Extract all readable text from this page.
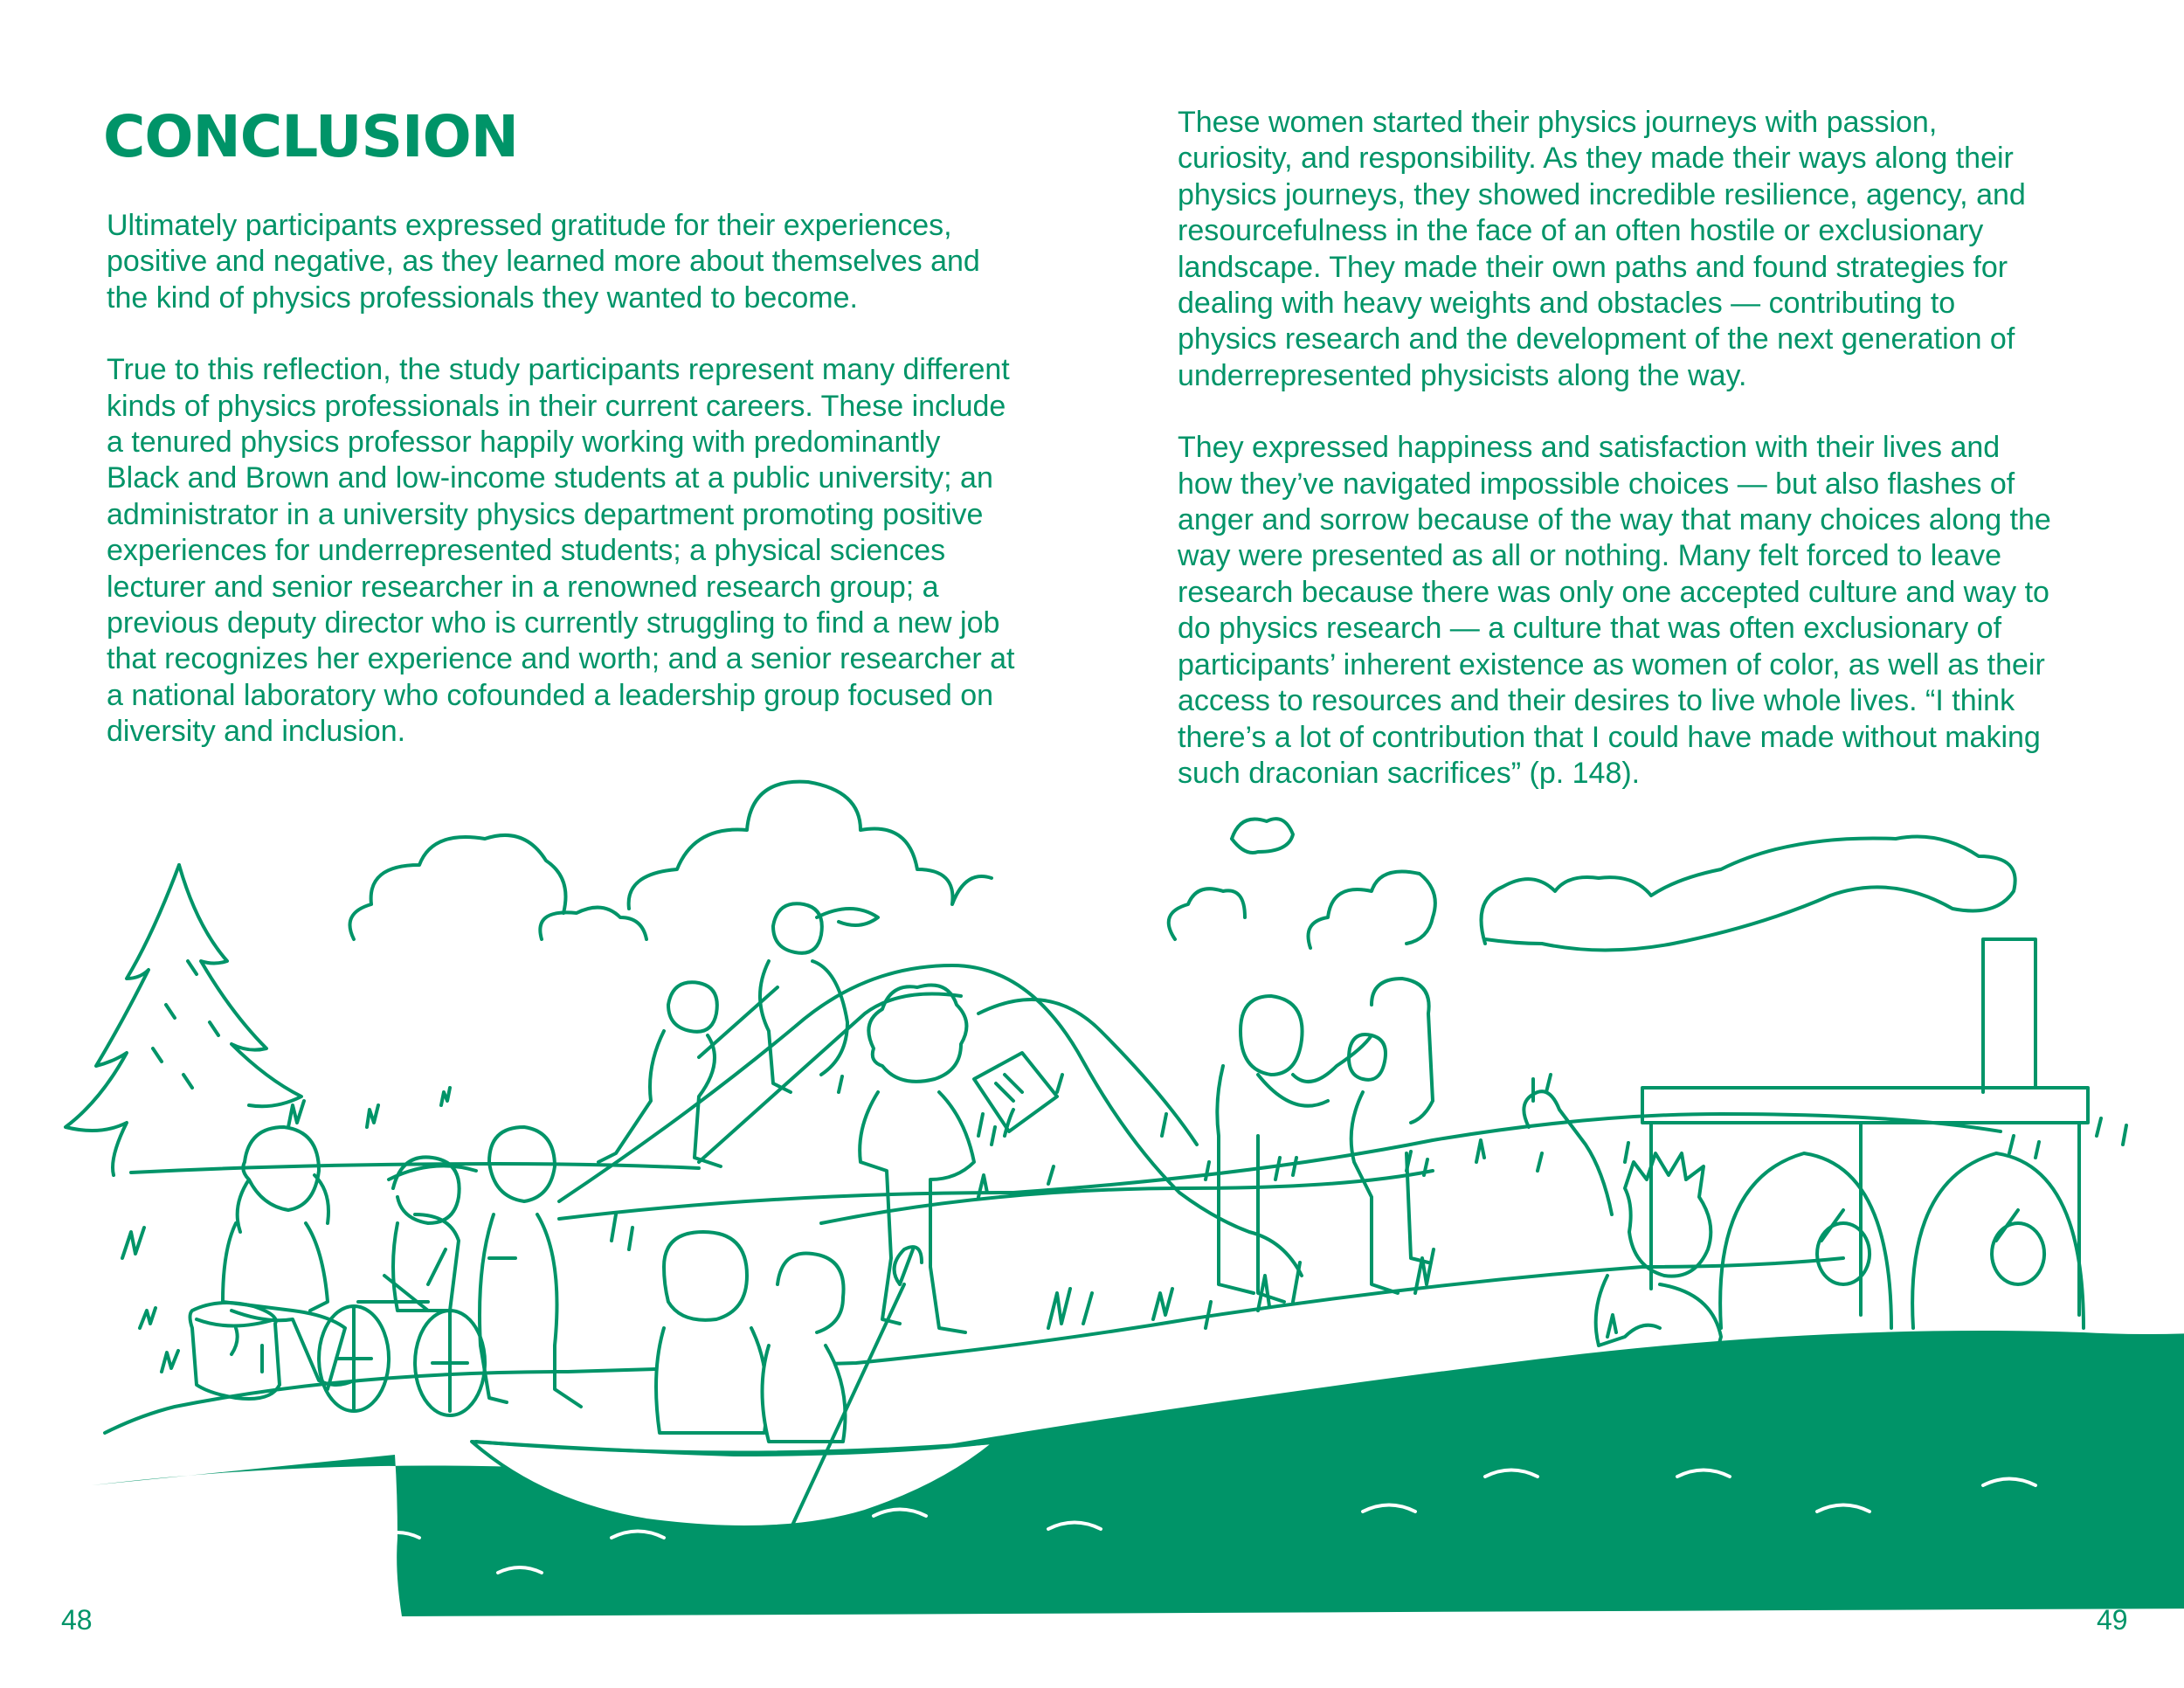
CONCLUSION

Ultimately participants expressed gratitude for their experiences,
positive and negative, as they learned more about themselves and
the kind of physics professionals they wanted to become.

True to this reflection, the study participants represent many different
kinds of physics professionals in their current careers. These include
a tenured physics professor happily working with predominantly
Black and Brown and low-income students at a public university; an
administrator in a university physics department promoting positive
experiences for underrepresented students; a physical sciences
lecturer and senior researcher in a renowned research group; a
previous deputy director who is currently struggling to find a new job
that recognizes her experience and worth; and a senior researcher at
a national laboratory who cofounded a leadership group focused on
diversity and inclusion.

These women started their physics journeys with passion,
curiosity, and responsibility. As they made their ways along their
physics journeys, they showed incredible resilience, agency, and
resourcefulness in the face of an often hostile or exclusionary
landscape. They made their own paths and found strategies for
dealing with heavy weights and obstacles — contributing to
physics research and the development of the next generation of
underrepresented physicists along the way.

They expressed happiness and satisfaction with their lives and
how they’ve navigated impossible choices — but also flashes of
anger and sorrow because of the way that many choices along the
way were presented as all or nothing. Many felt forced to leave
research because there was only one accepted culture and way to
do physics research — a culture that was often exclusionary of
participants’ inherent existence as women of color, as well as their
access to resources and their desires to live whole lives. “I think
there’s a lot of contribution that I could have made without making
such draconian sacrifices” (p. 148).

48	49
